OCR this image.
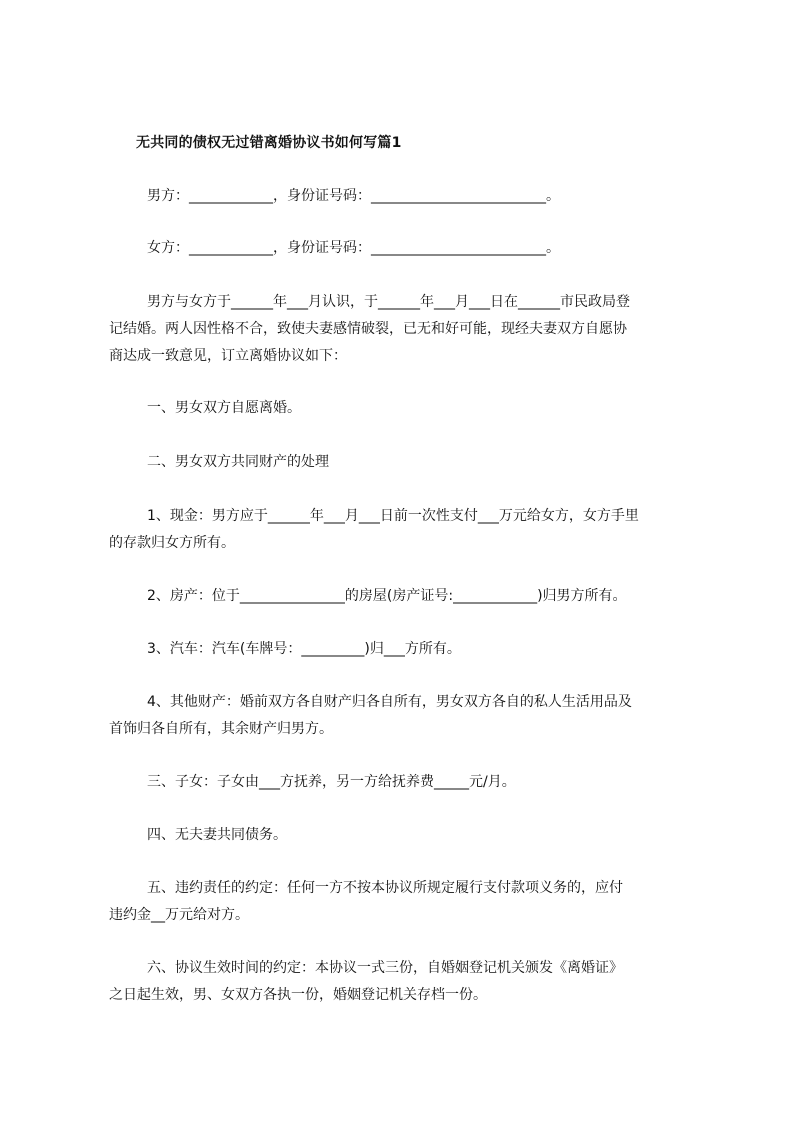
无共同的债权无过错离婚协议书如何写篇1
男方：____________，身份证号码：_________________________。
女方：____________，身份证号码：_________________________。
男方与女方于______年___月认识，于______年___月___日在______市民政局登
记结婚。两人因性格不合，致使夫妻感情破裂，已无和好可能，现经夫妻双方自愿协
商达成一致意见，订立离婚协议如下：
一、男女双方自愿离婚。
二、男女双方共同财产的处理
1、现金：男方应于______年___月___日前一次性支付___万元给女方，女方手里
的存款归女方所有。
2、房产：位于_______________的房屋(房产证号:____________)归男方所有。
3、汽车：汽车(车牌号：_________)归___方所有。
4、其他财产：婚前双方各自财产归各自所有，男女双方各自的私人生活用品及
首饰归各自所有，其余财产归男方。
三、子女：子女由___方抚养，另一方给抚养费_____元/月。
四、无夫妻共同债务。
五、违约责任的约定：任何一方不按本协议所规定履行支付款项义务的，应付
违约金__万元给对方。
六、协议生效时间的约定：本协议一式三份，自婚姻登记机关颁发《离婚证》
之日起生效，男、女双方各执一份，婚姻登记机关存档一份。
